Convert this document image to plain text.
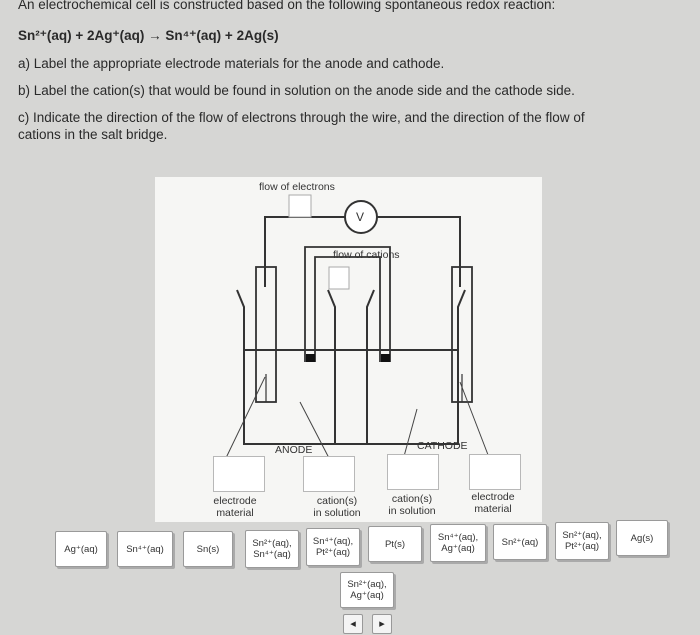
An electrochemical cell is constructed based on the following spontaneous redox reaction:
Sn²⁺(aq) + 2Ag⁺(aq) → Sn⁴⁺(aq) + 2Ag(s)
a) Label the appropriate electrode materials for the anode and cathode.
b) Label the cation(s) that would be found in solution on the anode side and the cathode side.
c) Indicate the direction of the flow of electrons through the wire, and the direction of the flow of
cations in the salt bridge.
flow of electrons
V
flow of cations
ANODE	CATHODE
electrode
material
cation(s)
in solution
cation(s)
in solution
electrode
material
Ag⁺(aq)	Sn⁴⁺(aq)	Sn(s)	Sn²⁺(aq),
Sn⁴⁺(aq)
Sn⁴⁺(aq),
Pt²⁺(aq)
Pt(s)
Sn⁴⁺(aq),
Ag⁺(aq)
Sn²⁺(aq)
Sn²⁺(aq),
Pt²⁺(aq)
Ag(s)
Sn²⁺(aq),
Ag⁺(aq)
◂	▸
